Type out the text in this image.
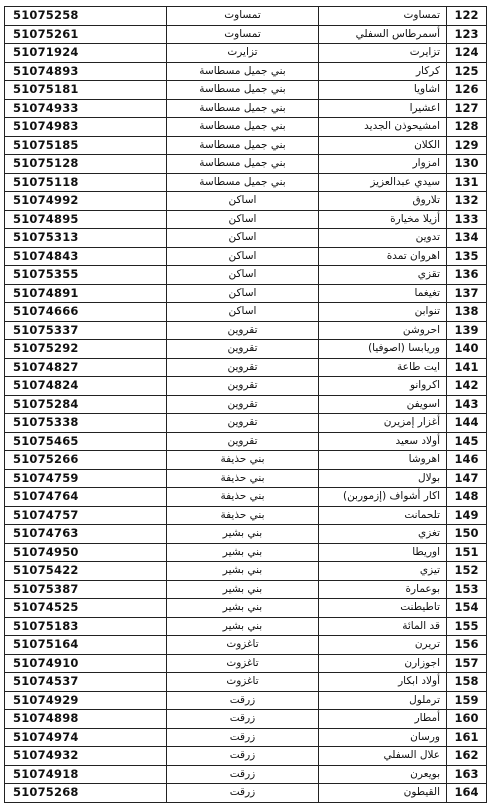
51075258	تمساوت	تمساوت	122
51075261	تمساوت	أسمرطاس السفلي	123
51071924	تزايرت	تزايرت	124
51074893	بني جميل مسطاسة	كركار	125
51075181	بني جميل مسطاسة	اشاويا	126
51074933	بني جميل مسطاسة	اعشيرا	127
51074983	بني جميل مسطاسة	امشيحوذن الجديد	128
51075185	بني جميل مسطاسة	الكلان	129
51075128	بني جميل مسطاسة	امزوار	130
51075118	بني جميل مسطاسة	سيدي عبدالعزيز	131
51074992	اساكن	تلاروق	132
51074895	اساكن	أزيلا مخيارة	133
51075313	اساكن	تدوين	134
51074843	اساكن	اهروان تمدة	135
51075355	اساكن	تقزي	136
51074891	اساكن	تغيغما	137
51074666	اساكن	تنوابن	138
51075337	تقروين	احروشن	139
51075292	تقروين	وريابسا (اصوفيا)	140
51074827	تقروين	ايت طاعة	141
51074824	تقروين	اكروانو	142
51075284	تقروين	اسويفن	143
51075338	تقروين	أغزار إمزيرن	144
51075465	تقروين	أولاد سعيد	145
51075266	بني حذيفة	اهروشا	146
51074759	بني حذيفة	بولال	147
51074764	بني حذيفة	اكار أشواف (إزموربن)	148
51074757	بني حذيفة	تلحمانت	149
51074763	بني بشير	تغزي	150
51074950	بني بشير	اوريطا	151
51075422	بني بشير	تيزي	152
51075387	بني بشير	بوعمارة	153
51074525	بني بشير	تاطيطنت	154
51075183	بني بشير	قد المائة	155
51075164	تاغزوت	تريرن	156
51074910	تاغزوت	اجوزارن	157
51074537	تاغزوت	أولاد ابكار	158
51074929	زرقت	ترملول	159
51074898	زرقت	أمطار	160
51074974	زرقت	ورسان	161
51074932	زرقت	علال السفلي	162
51074918	زرقت	بويعرن	163
51075268	زرقت	القيطون	164
